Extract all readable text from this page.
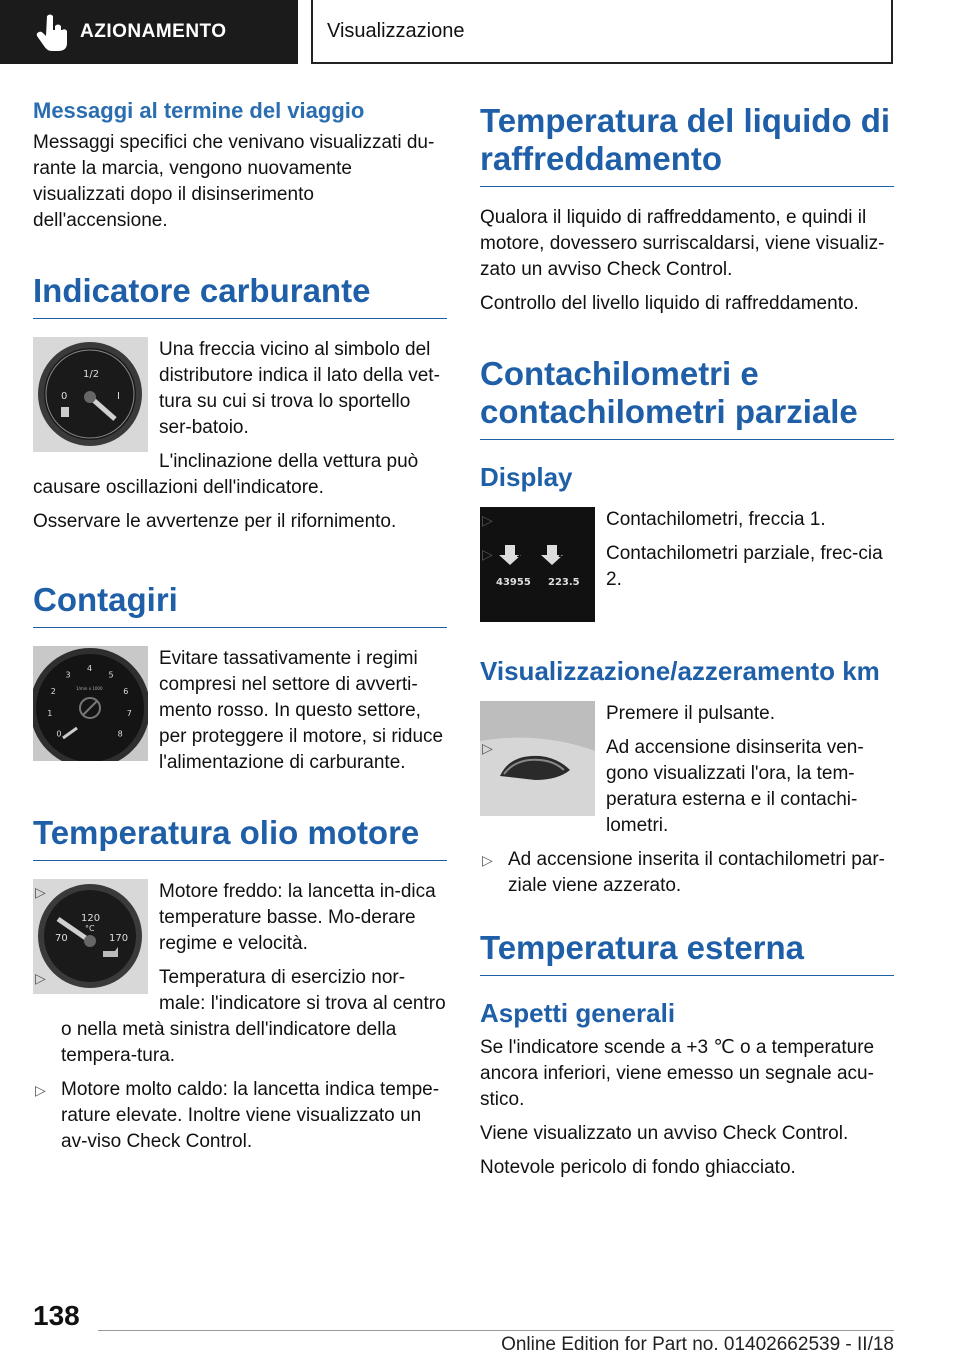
AZIONAMENTO	Visualizzazione
Messaggi al termine del viaggio

Messaggi specifici che venivano visualizzati du-rante la marcia, vengono nuovamente visualizzati dopo il disinserimento dell'accensione.

Indicatore carburante
1/2
0	I

Una freccia vicino al simbolo del distributore indica il lato della vet-tura su cui si trova lo sportello ser-batoio.

L'inclinazione della vettura può causare oscillazioni dell'indicatore.

Osservare le avvertenze per il rifornimento.

Contagiri
0
1
2
3
4
5
6
7
8
1/min x 1000

Evitare tassativamente i regimi compresi nel settore di avverti-mento rosso. In questo settore, per proteggere il motore, si riduce l'alimentazione di carburante.

Temperatura olio motore
120
°C
70	170
▷	Motore freddo: la lancetta in-dica temperature basse. Mo-derare regime e velocità.
▷	Temperatura di esercizio nor-male: l'indicatore si trova al centro o nella metà sinistra dell'indicatore della tempera-tura.
▷ Motore molto caldo: la lancetta indica tempe-rature elevate. Inoltre viene visualizzato un av-viso Check Control.
Temperatura del liquido di raffreddamento

Qualora il liquido di raffreddamento, e quindi il motore, dovessero surriscaldarsi, viene visualiz-zato un avviso Check Control.

Controllo del livello liquido di raffreddamento.

Contachilometri e contachilometri parziale
Display
1	2
43955 223.5
▷	Contachilometri, freccia 1.
▷	Contachilometri parziale, frec-cia 2.
Visualizzazione/azzeramento km

Premere il pulsante.

▷	Ad accensione disinserita ven-gono visualizzati l'ora, la tem-peratura esterna e il contachi-lometri.
▷ Ad accensione inserita il contachilometri par-ziale viene azzerato.
Temperatura esterna
Aspetti generali

Se l'indicatore scende a +3 ℃ o a temperature ancora inferiori, viene emesso un segnale acu-stico.

Viene visualizzato un avviso Check Control.

Notevole pericolo di fondo ghiacciato.

138
Online Edition for Part no. 01402662539 - II/18
